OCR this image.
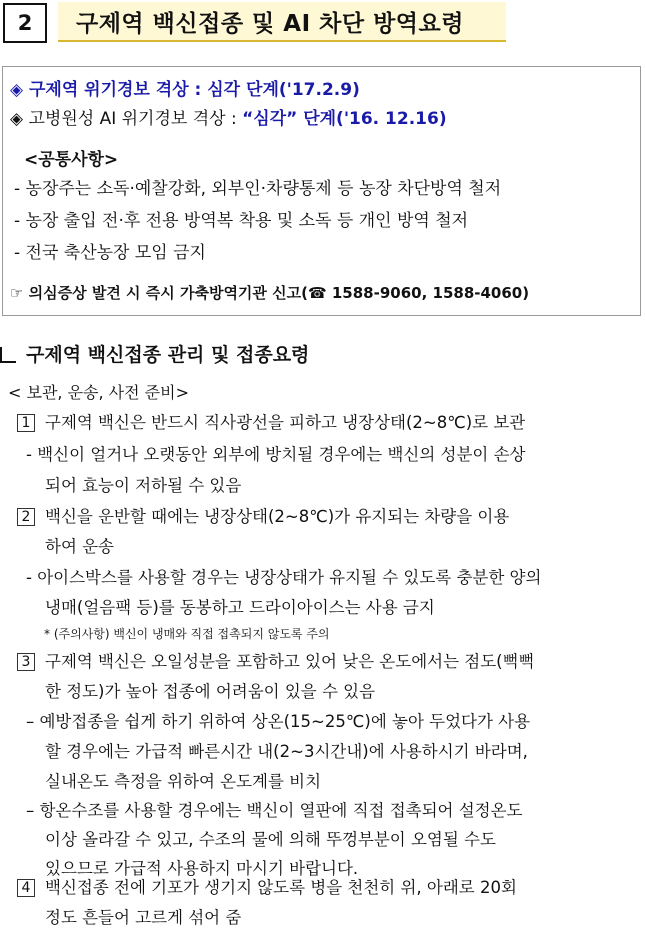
2	구제역 백신접종 및 AI 차단 방역요령
◈ 구제역 위기경보 격상 : 심각 단계('17.2.9)
◈ 고병원성 AI 위기경보 격상 : “심각” 단계('16. 12.16)
<공통사항>
- 농장주는 소독·예찰강화, 외부인·차량통제 등 농장 차단방역 철저
- 농장 출입 전·후 전용 방역복 착용 및 소독 등 개인 방역 철저
- 전국 축산농장 모임 금지
☞ 의심증상 발견 시 즉시 가축방역기관 신고(☎ 1588-9060, 1588-4060)
구제역 백신접종 관리 및 접종요령
< 보관, 운송, 사전 준비>
1 구제역 백신은 반드시 직사광선을 피하고 냉장상태(2~8℃)로 보관
- 백신이 얼거나 오랫동안 외부에 방치될 경우에는 백신의 성분이 손상
되어 효능이 저하될 수 있음
2 백신을 운반할 때에는 냉장상태(2~8℃)가 유지되는 차량을 이용
하여 운송
- 아이스박스를 사용할 경우는 냉장상태가 유지될 수 있도록 충분한 양의
냉매(얼음팩 등)를 동봉하고 드라이아이스는 사용 금지
* (주의사항) 백신이 냉매와 직접 접촉되지 않도록 주의
3 구제역 백신은 오일성분을 포함하고 있어 낮은 온도에서는 점도(뻑뻑
한 정도)가 높아 접종에 어려움이 있을 수 있음
– 예방접종을 쉽게 하기 위하여 상온(15~25℃)에 놓아 두었다가 사용
할 경우에는 가급적 빠른시간 내(2~3시간내)에 사용하시기 바라며,
실내온도 측정을 위하여 온도계를 비치
– 항온수조를 사용할 경우에는 백신이 열판에 직접 접촉되어 설정온도
이상 올라갈 수 있고, 수조의 물에 의해 뚜껑부분이 오염될 수도
있으므로 가급적 사용하지 마시기 바랍니다.
4 백신접종 전에 기포가 생기지 않도록 병을 천천히 위, 아래로 20회
정도 흔들어 고르게 섞어 줌
